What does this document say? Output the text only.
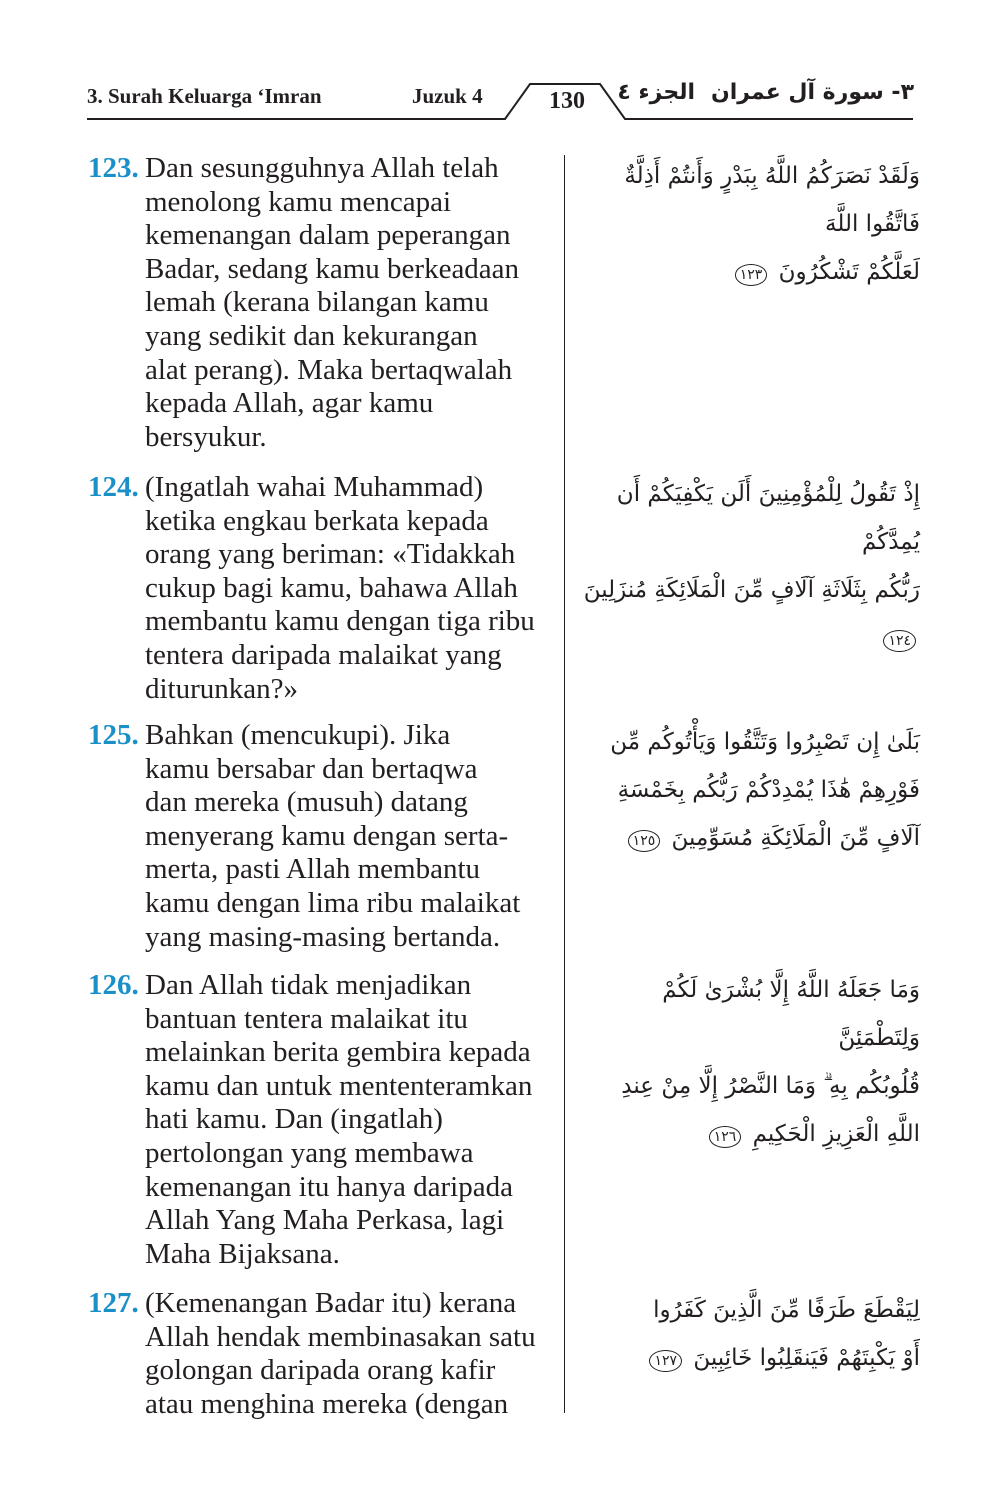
3. Surah Keluarga ‘Imran	Juzuk 4	130	الجزء ٤ ٣- سورة آل عمران
123. Dan sesungguhnya Allah telah
menolong kamu mencapai
kemenangan dalam peperangan
Badar, sedang kamu berkeadaan
lemah (kerana bilangan kamu
yang sedikit dan kekurangan
alat perang). Maka bertaqwalah
kepada Allah, agar kamu
bersyukur.
وَلَقَدْ نَصَرَكُمُ اللَّهُ بِبَدْرٍ وَأَنتُمْ أَذِلَّةٌ فَاتَّقُوا اللَّهَ
لَعَلَّكُمْ تَشْكُرُونَ ١٢٣
124. (Ingatlah wahai Muhammad)
ketika engkau berkata kepada
orang yang beriman: «Tidakkah
cukup bagi kamu, bahawa Allah
membantu kamu dengan tiga ribu
tentera daripada malaikat yang
diturunkan?»
إِذْ تَقُولُ لِلْمُؤْمِنِينَ أَلَن يَكْفِيَكُمْ أَن يُمِدَّكُمْ
رَبُّكُم بِثَلَاثَةِ آلَافٍ مِّنَ الْمَلَائِكَةِ مُنزَلِينَ ١٢٤
125. Bahkan (mencukupi). Jika
kamu bersabar dan bertaqwa
dan mereka (musuh) datang
menyerang kamu dengan serta-
merta, pasti Allah membantu
kamu dengan lima ribu malaikat
yang masing-masing bertanda.
بَلَىٰ إِن تَصْبِرُوا وَتَتَّقُوا وَيَأْتُوكُم مِّن
فَوْرِهِمْ هَٰذَا يُمْدِدْكُمْ رَبُّكُم بِخَمْسَةِ
آلَافٍ مِّنَ الْمَلَائِكَةِ مُسَوِّمِينَ ١٢٥
126. Dan Allah tidak menjadikan
bantuan tentera malaikat itu
melainkan berita gembira kepada
kamu dan untuk mententeramkan
hati kamu. Dan (ingatlah)
pertolongan yang membawa
kemenangan itu hanya daripada
Allah Yang Maha Perkasa, lagi
Maha Bijaksana.
وَمَا جَعَلَهُ اللَّهُ إِلَّا بُشْرَىٰ لَكُمْ وَلِتَطْمَئِنَّ
قُلُوبُكُم بِهِ ۗ وَمَا النَّصْرُ إِلَّا مِنْ عِندِ
اللَّهِ الْعَزِيزِ الْحَكِيمِ ١٢٦
127. (Kemenangan Badar itu) kerana
Allah hendak membinasakan satu
golongan daripada orang kafir
atau menghina mereka (dengan
لِيَقْطَعَ طَرَفًا مِّنَ الَّذِينَ كَفَرُوا
أَوْ يَكْبِتَهُمْ فَيَنقَلِبُوا خَائِبِينَ ١٢٧
